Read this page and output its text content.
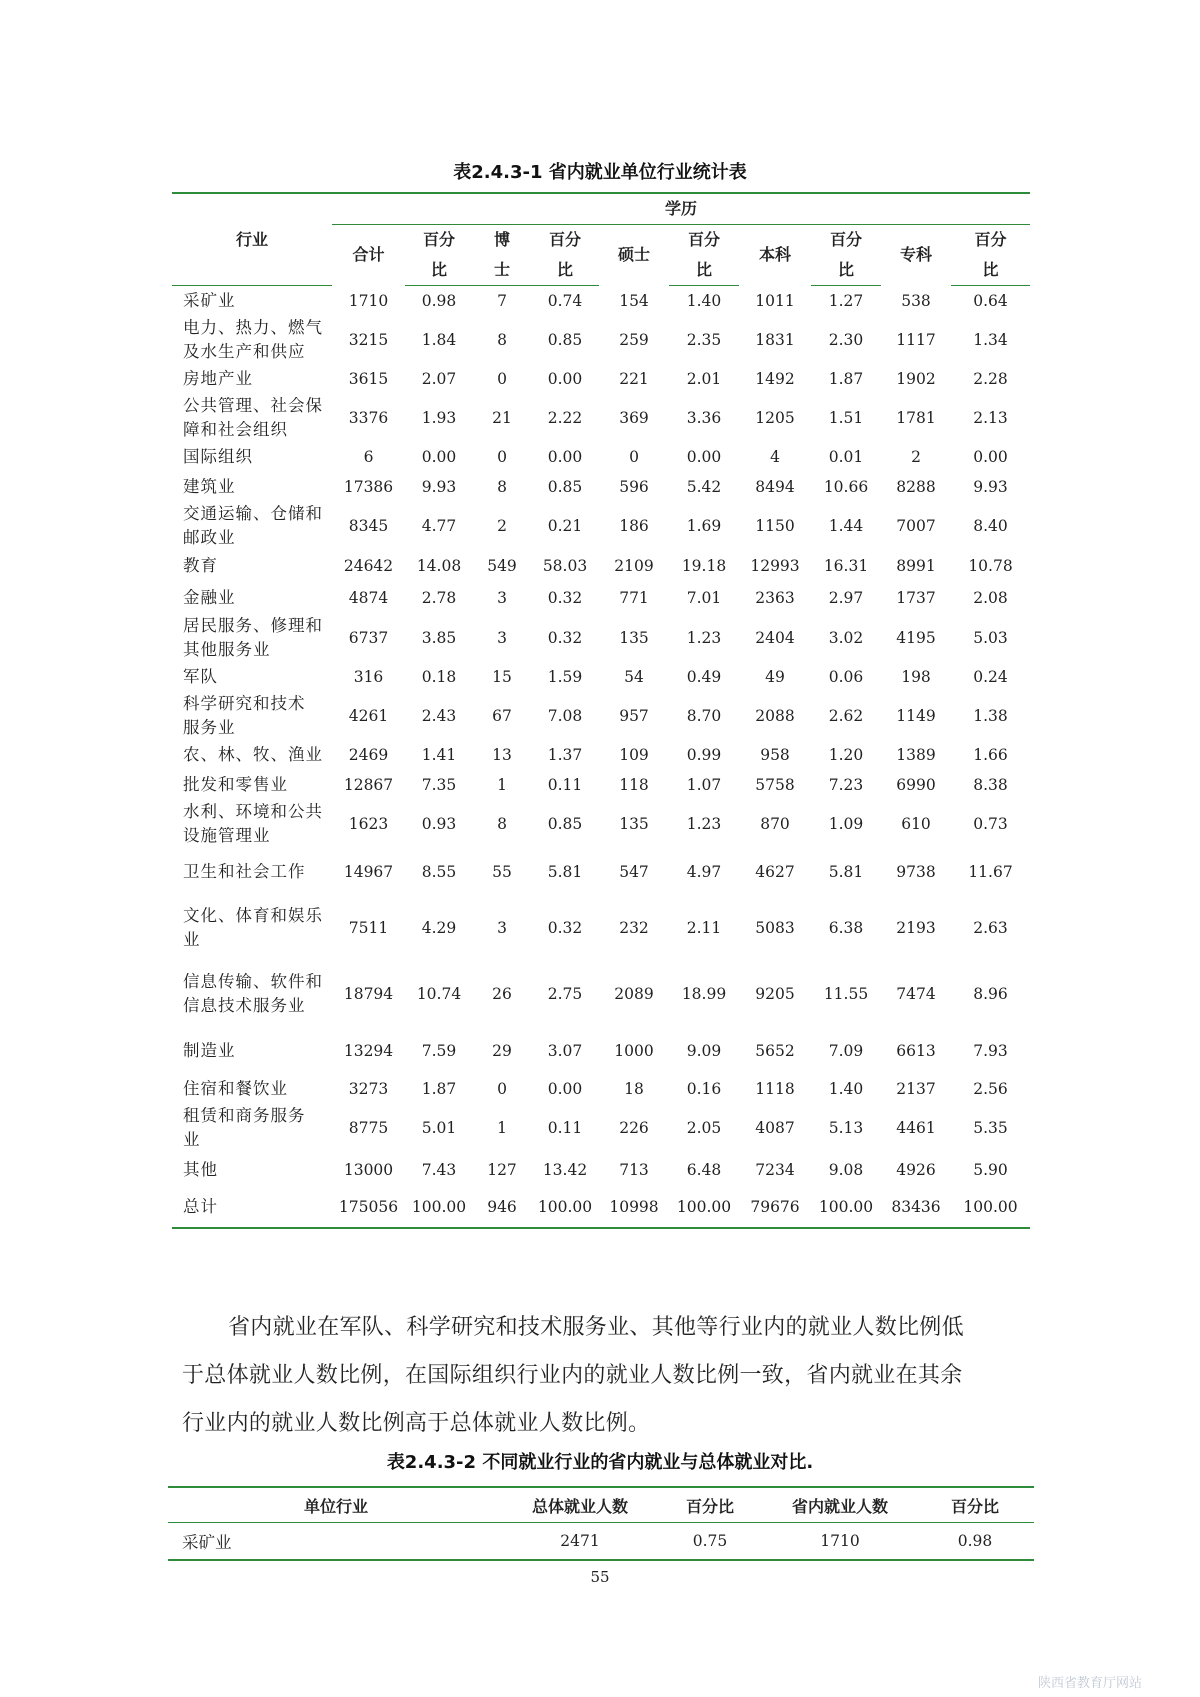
表2.4.3-1 省内就业单位行业统计表
行业	学历									
	合计	百分	博	百分	硕士	百分	本科	百分	专科	百分
		比	士	比		比		比		比

采矿业	1710	0.98	7	0.74	154	1.40	1011	1.27	538	0.64

电力、热力、燃气
及水生产和供应	3215	1.84	8	0.85	259	2.35	1831	2.30	1117	1.34

房地产业	3615	2.07	0	0.00	221	2.01	1492	1.87	1902	2.28

公共管理、社会保
障和社会组织	3376	1.93	21	2.22	369	3.36	1205	1.51	1781	2.13

国际组织	6	0.00	0	0.00	0	0.00	4	0.01	2	0.00

建筑业	17386	9.93	8	0.85	596	5.42	8494	10.66	8288	9.93

交通运输、仓储和
邮政业	8345	4.77	2	0.21	186	1.69	1150	1.44	7007	8.40

教育	24642	14.08	549	58.03	2109	19.18	12993	16.31	8991	10.78

金融业	4874	2.78	3	0.32	771	7.01	2363	2.97	1737	2.08

居民服务、修理和
其他服务业	6737	3.85	3	0.32	135	1.23	2404	3.02	4195	5.03

军队	316	0.18	15	1.59	54	0.49	49	0.06	198	0.24

科学研究和技术
服务业	4261	2.43	67	7.08	957	8.70	2088	2.62	1149	1.38

农、林、牧、渔业	2469	1.41	13	1.37	109	0.99	958	1.20	1389	1.66

批发和零售业	12867	7.35	1	0.11	118	1.07	5758	7.23	6990	8.38

水利、环境和公共
设施管理业	1623	0.93	8	0.85	135	1.23	870	1.09	610	0.73

卫生和社会工作	14967	8.55	55	5.81	547	4.97	4627	5.81	9738	11.67

文化、体育和娱乐
业	7511	4.29	3	0.32	232	2.11	5083	6.38	2193	2.63

信息传输、软件和
信息技术服务业	18794	10.74	26	2.75	2089	18.99	9205	11.55	7474	8.96

制造业	13294	7.59	29	3.07	1000	9.09	5652	7.09	6613	7.93

住宿和餐饮业	3273	1.87	0	0.00	18	0.16	1118	1.40	2137	2.56

租赁和商务服务
业	8775	5.01	1	0.11	226	2.05	4087	5.13	4461	5.35

其他	13000	7.43	127	13.42	713	6.48	7234	9.08	4926	5.90

总计	175056	100.00	946	100.00	10998	100.00	79676	100.00	83436	100.00

省内就业在军队、科学研究和技术服务业、其他等行业内的就业人数比例低

于总体就业人数比例，在国际组织行业内的就业人数比例一致，省内就业在其余
行业内的就业人数比例高于总体就业人数比例。
表2.4.3-2 不同就业行业的省内就业与总体就业对比.
单位行业	总体就业人数	百分比	省内就业人数	百分比
采矿业	2471	0.75	1710	0.98
55
陕西省教育厅网站
